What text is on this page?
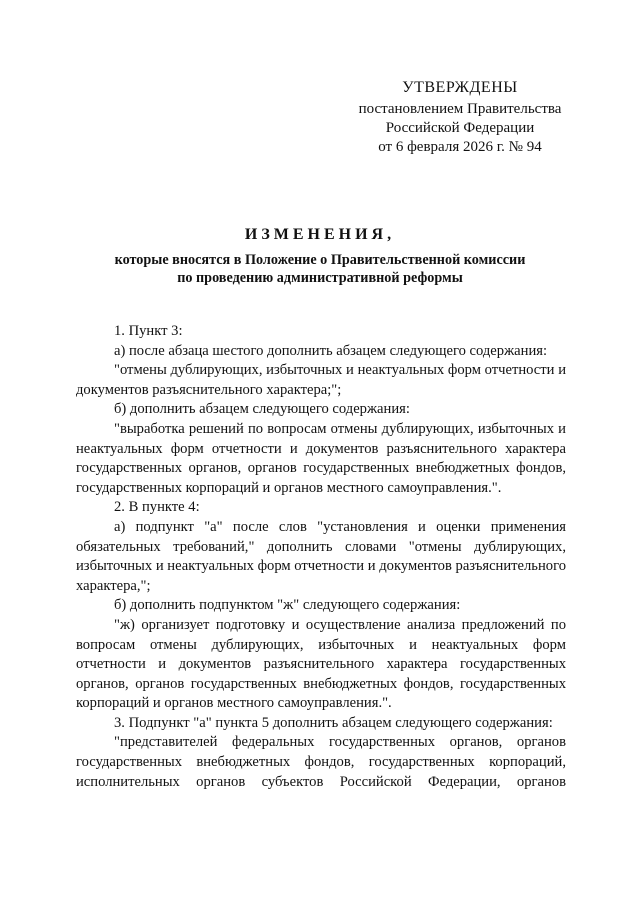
УТВЕРЖДЕНЫ
постановлением Правительства
Российской Федерации
от 6 февраля 2026 г. № 94
ИЗМЕНЕНИЯ,
которые вносятся в Положение о Правительственной комиссии
по проведению административной реформы

1. Пункт 3:

а) после абзаца шестого дополнить абзацем следующего содержания:

"отмены дублирующих, избыточных и неактуальных форм отчетности и документов разъяснительного характера;";

б) дополнить абзацем следующего содержания:

"выработка решений по вопросам отмены дублирующих, избыточных и неактуальных форм отчетности и документов разъяснительного характера государственных органов, органов государственных внебюджетных фондов, государственных корпораций и органов местного самоуправления.".

2. В пункте 4:

а) подпункт "а" после слов "установления и оценки применения обязательных требований," дополнить словами "отмены дублирующих, избыточных и неактуальных форм отчетности и документов разъяснительного характера,";

б) дополнить подпунктом "ж" следующего содержания:

"ж) организует подготовку и осуществление анализа предложений по вопросам отмены дублирующих, избыточных и неактуальных форм отчетности и документов разъяснительного характера государственных органов, органов государственных внебюджетных фондов, государственных корпораций и органов местного самоуправления.".

3. Подпункт "а" пункта 5 дополнить абзацем следующего содержания:

"представителей федеральных государственных органов, органов государственных внебюджетных фондов, государственных корпораций, исполнительных органов субъектов Российской Федерации, органов
